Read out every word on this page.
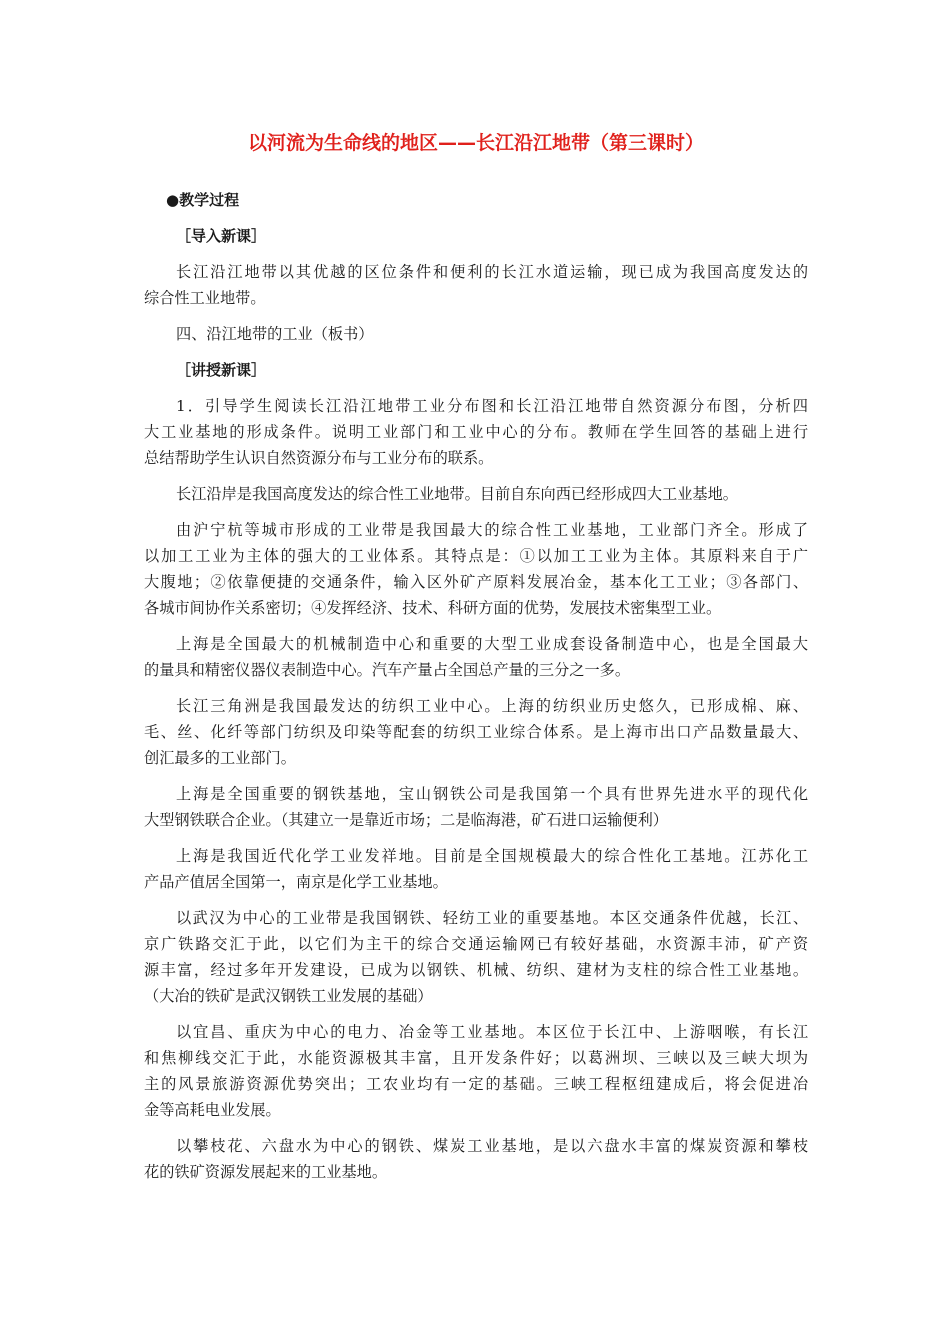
以河流为生命线的地区——长江沿江地带（第三课时）
●教学过程
［导入新课］
长江沿江地带以其优越的区位条件和便利的长江水道运输，现已成为我国高度发达的
综合性工业地带。
四、沿江地带的工业（板书）
［讲授新课］
1．引导学生阅读长江沿江地带工业分布图和长江沿江地带自然资源分布图，分析四
大工业基地的形成条件。说明工业部门和工业中心的分布。教师在学生回答的基础上进行
总结帮助学生认识自然资源分布与工业分布的联系。
长江沿岸是我国高度发达的综合性工业地带。目前自东向西已经形成四大工业基地。
由沪宁杭等城市形成的工业带是我国最大的综合性工业基地，工业部门齐全。形成了
以加工工业为主体的强大的工业体系。其特点是：①以加工工业为主体。其原料来自于广
大腹地；②依靠便捷的交通条件，输入区外矿产原料发展冶金，基本化工工业；③各部门、
各城市间协作关系密切；④发挥经济、技术、科研方面的优势，发展技术密集型工业。
上海是全国最大的机械制造中心和重要的大型工业成套设备制造中心，也是全国最大
的量具和精密仪器仪表制造中心。汽车产量占全国总产量的三分之一多。
长江三角洲是我国最发达的纺织工业中心。上海的纺织业历史悠久，已形成棉、麻、
毛、丝、化纤等部门纺织及印染等配套的纺织工业综合体系。是上海市出口产品数量最大、
创汇最多的工业部门。
上海是全国重要的钢铁基地，宝山钢铁公司是我国第一个具有世界先进水平的现代化
大型钢铁联合企业。（其建立一是靠近市场；二是临海港，矿石进口运输便利）
上海是我国近代化学工业发祥地。目前是全国规模最大的综合性化工基地。江苏化工
产品产值居全国第一，南京是化学工业基地。
以武汉为中心的工业带是我国钢铁、轻纺工业的重要基地。本区交通条件优越，长江、
京广铁路交汇于此，以它们为主干的综合交通运输网已有较好基础，水资源丰沛，矿产资
源丰富，经过多年开发建设，已成为以钢铁、机械、纺织、建材为支柱的综合性工业基地。
（大冶的铁矿是武汉钢铁工业发展的基础）
以宜昌、重庆为中心的电力、冶金等工业基地。本区位于长江中、上游咽喉，有长江
和焦柳线交汇于此，水能资源极其丰富，且开发条件好；以葛洲坝、三峡以及三峡大坝为
主的风景旅游资源优势突出；工农业均有一定的基础。三峡工程枢纽建成后，将会促进冶
金等高耗电业发展。
以攀枝花、六盘水为中心的钢铁、煤炭工业基地，是以六盘水丰富的煤炭资源和攀枝
花的铁矿资源发展起来的工业基地。
